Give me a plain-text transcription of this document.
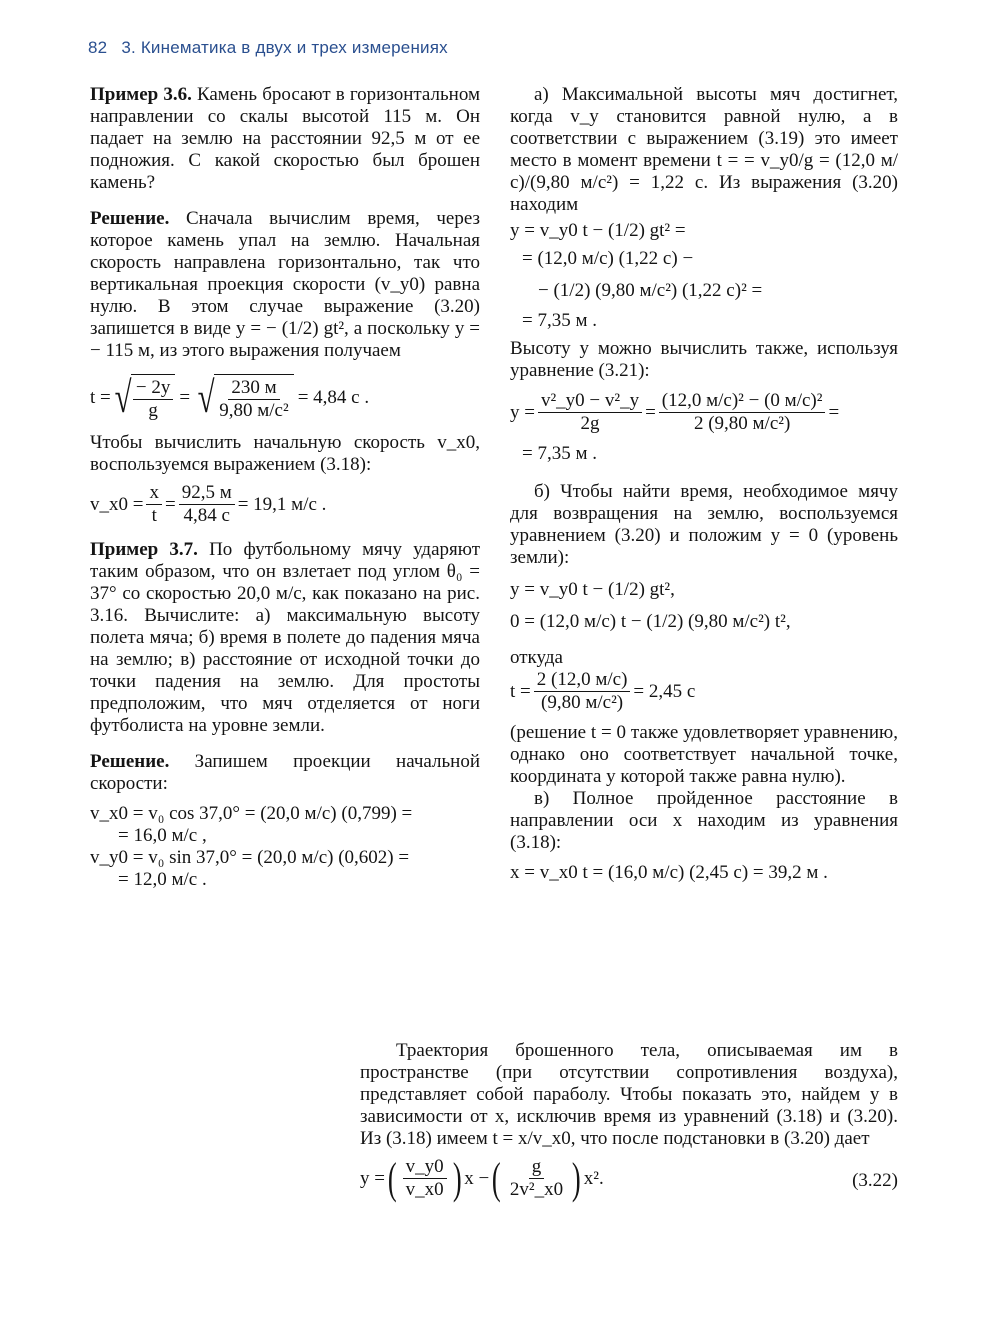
82 3. Кинематика в двух и трех измерениях

Пример 3.6. Камень бросают в горизонтальном направлении со скалы высотой 115 м. Он падает на землю на расстоянии 92,5 м от ее подножия. С какой скоростью был брошен камень?

Решение. Сначала вычислим время, через которое камень упал на землю. Начальная скорость направлена горизонтально, так что вертикальная проекция скорости (v_y0) равна нулю. В этом случае выражение (3.20) запишется в виде y = − (1/2) gt², а поскольку y = − 115 м, из этого выражения получаем

t = √ $\frac{- 2y}{g}$ = √ $\frac{230 м}{\text{9,80 м/с²}} = 4,84$ с .

Чтобы вычислить начальную скорость v_x0, воспользуемся выражением (3.18):

v_x0 = $\frac{x}{t} = \frac{92,5 м}{4,84 с} = 19,1$ м/с .

Пример 3.7. По футбольному мячу ударяют таким образом, что он взлетает под углом θ₀ = 37° со скоростью 20,0 м/с, как показано на рис. 3.16. Вычислите: а) максимальную высоту полета мяча; б) время в полете до падения мяча на землю; в) расстояние от исходной точки до точки падения на землю. Для простоты предположим, что мяч отделяется от ноги футболиста на уровне земли.

Решение. Запишем проекции начальной скорости:

v_x0 = v₀ cos 37,0° = (20,0 м/с) (0,799) =
= 16,0 м/с ,
v_y0 = v₀ sin 37,0° = (20,0 м/с) (0,602) =
= 12,0 м/с .

а) Максимальной высоты мяч достигнет, когда v_y становится равной нулю, а в соответствии с выражением (3.19) это имеет место в момент времени t = = v_y0/g = (12,0 м/с)/(9,80 м/с²) = 1,22 с. Из выражения (3.20) находим

y = v_y0 t − (1/2) gt² =
= (12,0 м/с) (1,22 с) −
− (1/2) (9,80 м/с²) (1,22 с)² =
= 7,35 м .

Высоту y можно вычислить также, используя уравнение (3.21):

$y = \frac{\text{v²\_y0 − v²\_y}}{2g} = \frac{\text{(12,0 м/с)² − (0 м/с)²}}{\text{2 (9,80 м/с²)}}$ =
= 7,35 м .

б) Чтобы найти время, необходимое мячу для возвращения на землю, воспользуемся уравнением (3.20) и положим y = 0 (уровень земли):

y = v_y0 t − (1/2) gt²,
0 = (12,0 м/с) t − (1/2) (9,80 м/с²) t²,

откуда

$t = \frac{2 (12,0 м/с)}{\text{(9,80 м/с²)}} = 2,45$ с

(решение t = 0 также удовлетворяет уравнению, однако оно соответствует начальной точке, координата y которой также равна нулю).

в) Полное пройденное расстояние в направлении оси x находим из уравнения (3.18):

x = v_x0 t = (16,0 м/с) (2,45 с) = 39,2 м .

Траектория брошенного тела, описываемая им в пространстве (при отсутствии сопротивления воздуха), представляет собой параболу. Чтобы показать это, найдем y в зависимости от x, исключив время из уравнений (3.18) и (3.20). Из (3.18) имеем t = x/v_x0, что после подстановки в (3.20) дает

y = ( $\frac{v\_y0}{v\_x0}$ ) x − ( $\frac{g}{\text{2v²\_x0}}$ ) x².	(3.22)
